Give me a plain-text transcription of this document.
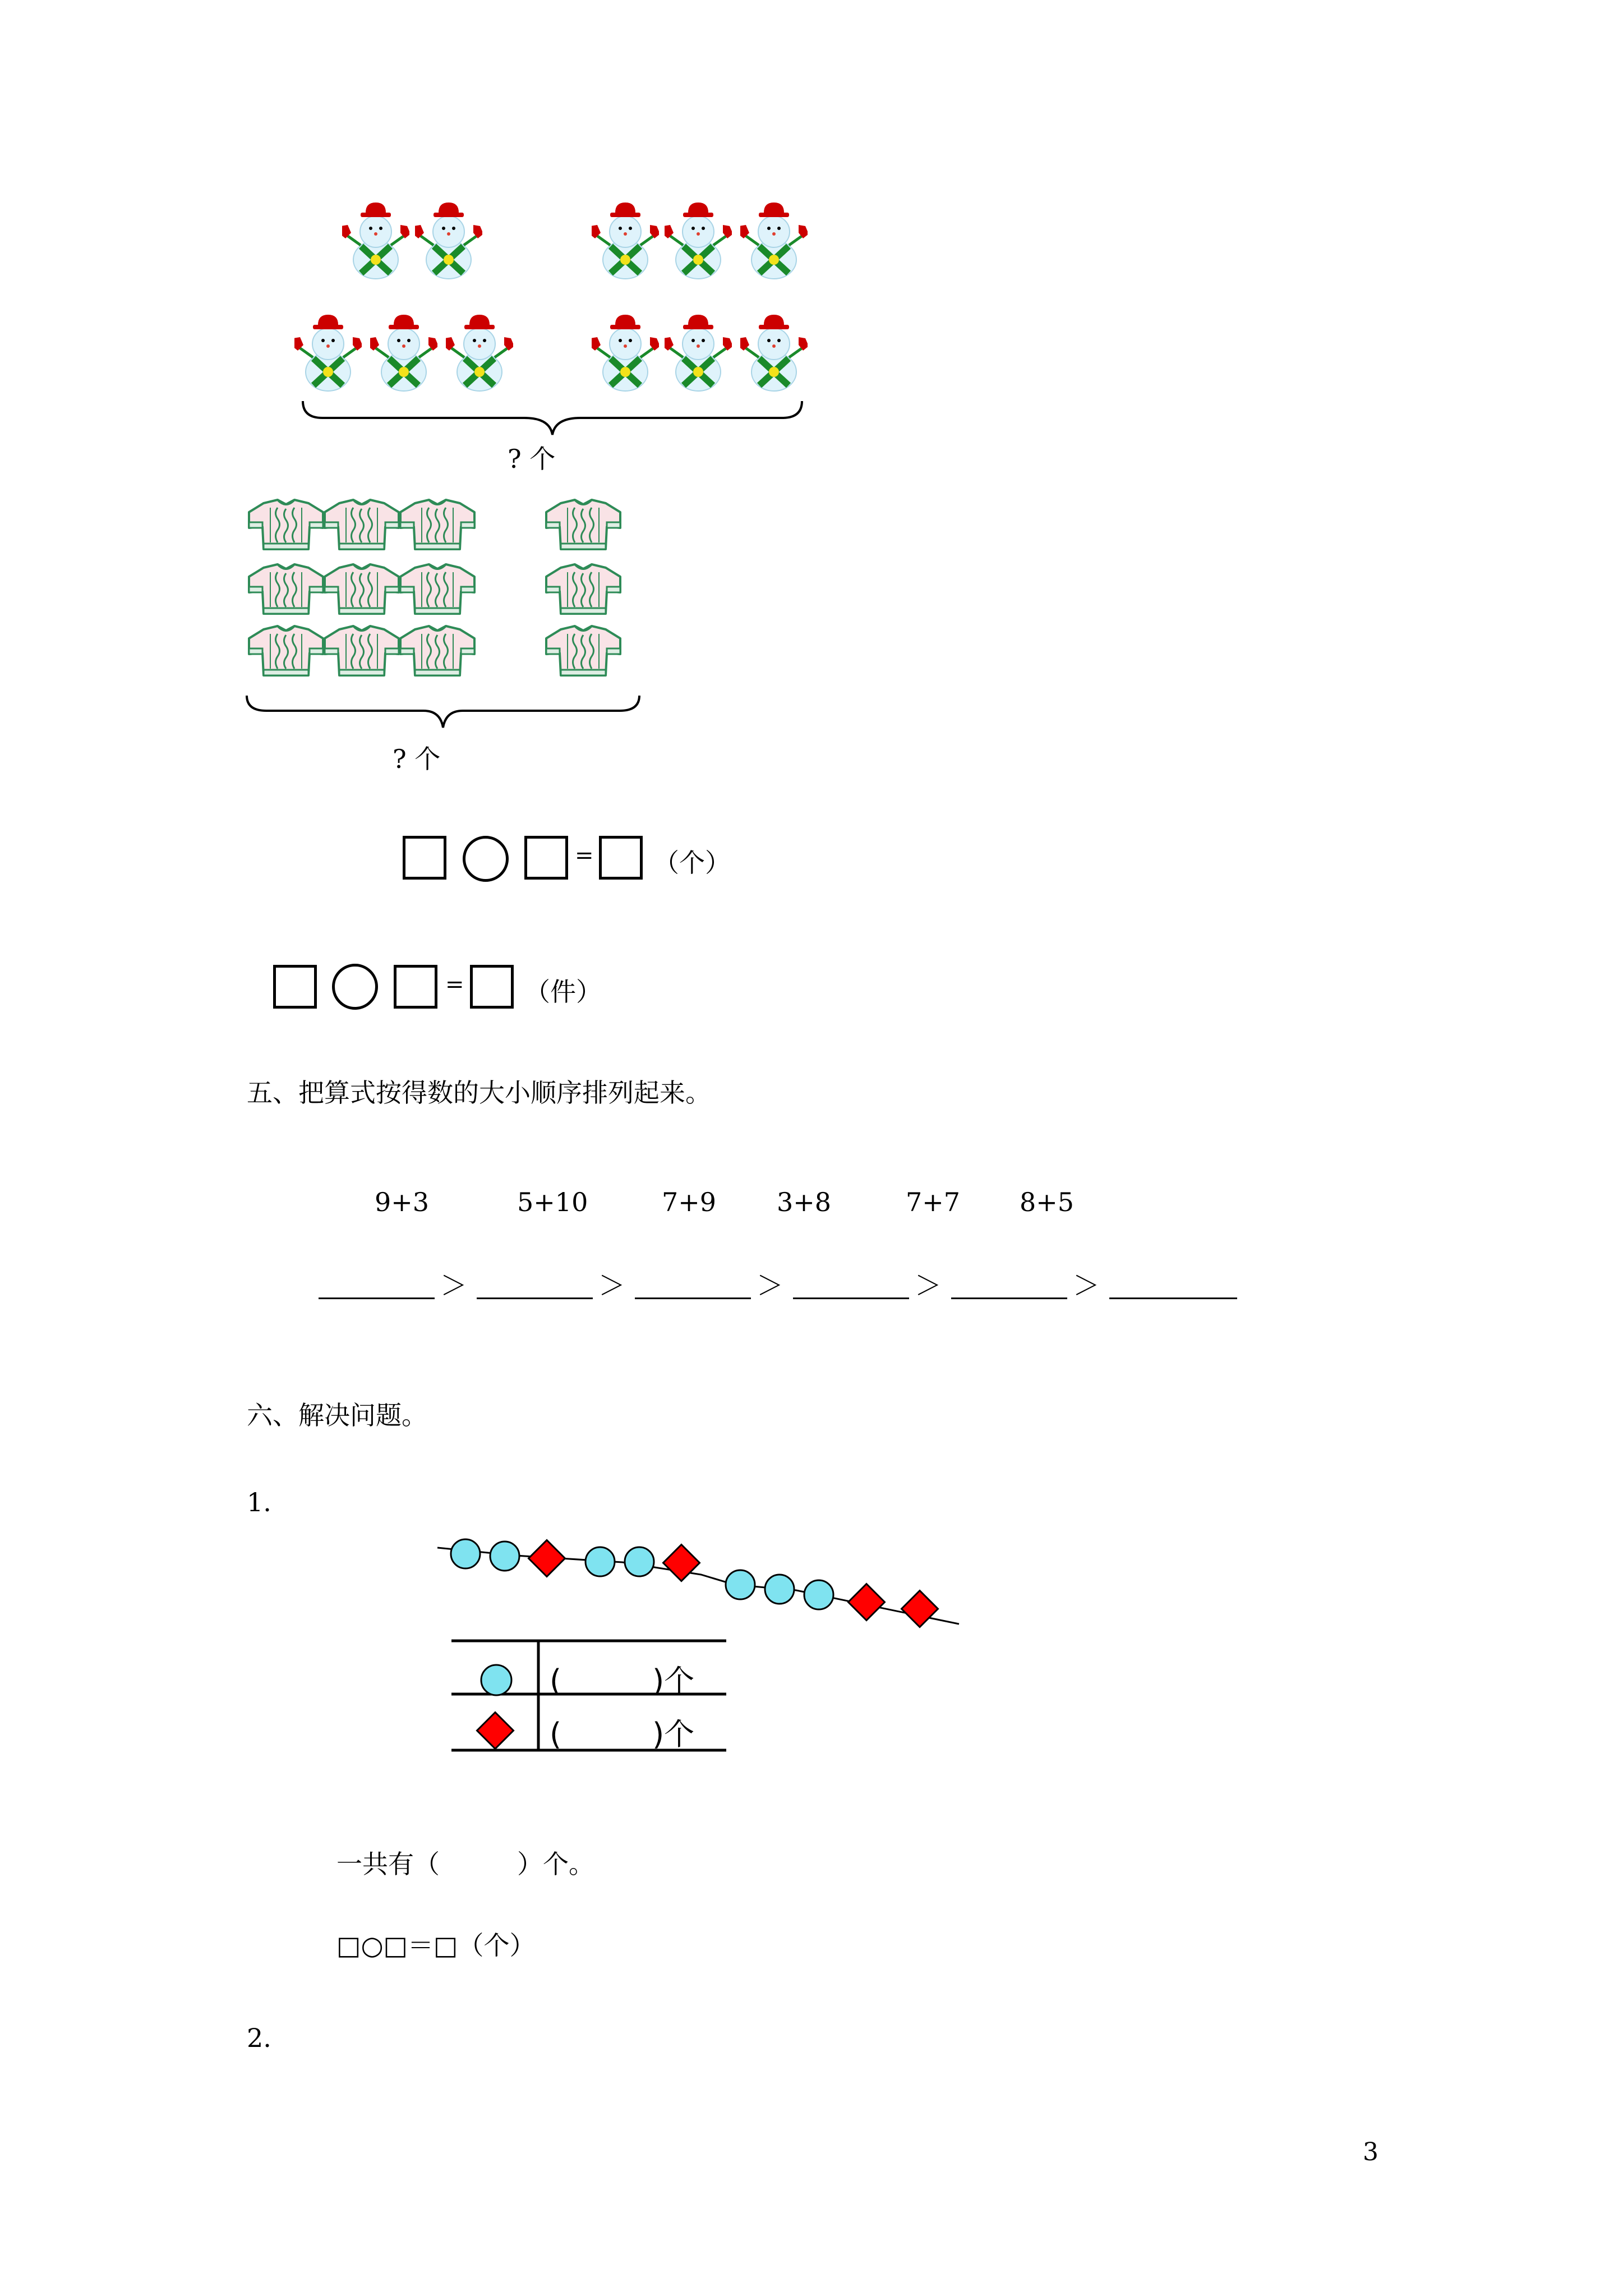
? 个
? 个
= （个）
= （件）
五、把算式按得数的大小顺序排列起来。
9+3	5+10	7+9 3+8	7+7 8+5
＞	＞	＞	＞	＞
六、解决问题。
1.
(　　　)个
(　　　)个
一共有（　　　）个。
□○□＝□（个）
2.
3
